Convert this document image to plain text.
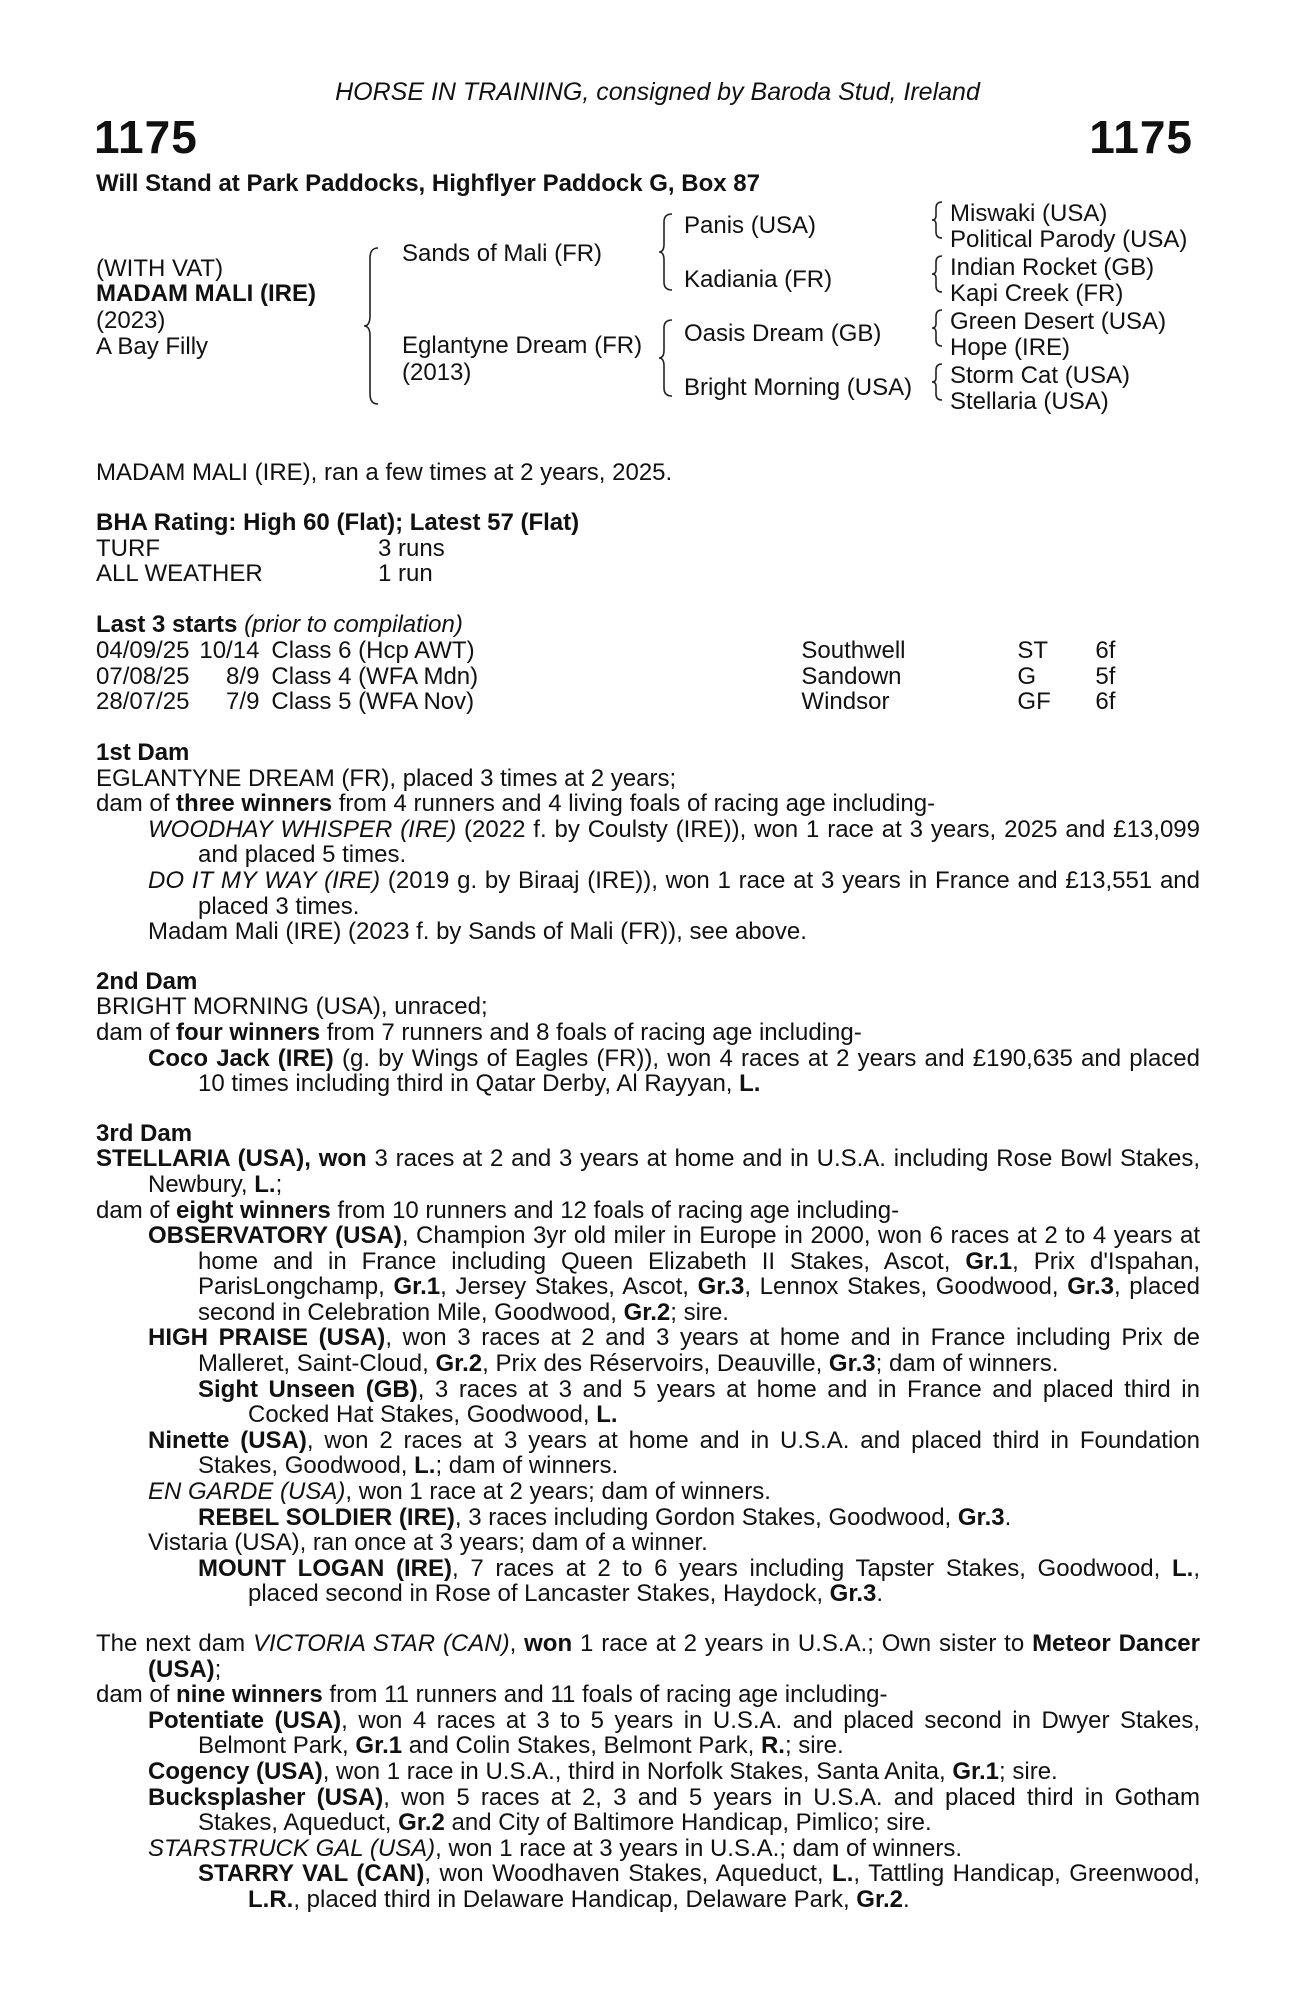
HORSE IN TRAINING, consigned by Baroda Stud, Ireland
1175	1175
Will Stand at Park Paddocks, Highflyer Paddock G, Box 87
(WITH VAT)
MADAM MALI (IRE)
(2023)
A Bay Filly
Sands of Mali (FR)
Eglantyne Dream (FR)
(2013)
Panis (USA)
Kadiania (FR)
Oasis Dream (GB)
Bright Morning (USA)
Miswaki (USA)
Political Parody (USA)
Indian Rocket (GB)
Kapi Creek (FR)
Green Desert (USA)
Hope (IRE)
Storm Cat (USA)
Stellaria (USA)
MADAM MALI (IRE), ran a few times at 2 years, 2025.
BHA Rating: High 60 (Flat); Latest 57 (Flat)
TURF	3 runs
ALL WEATHER	1 run
Last 3 starts (prior to compilation)
04/09/25	10/14	Class 6 (Hcp AWT)	Southwell	ST	6f
07/08/25	8/9	Class 4 (WFA Mdn)	Sandown	G	5f
28/07/25	7/9	Class 5 (WFA Nov)	Windsor	GF	6f
1st Dam
EGLANTYNE DREAM (FR), placed 3 times at 2 years;
dam of three winners from 4 runners and 4 living foals of racing age including-
WOODHAY WHISPER (IRE) (2022 f. by Coulsty (IRE)), won 1 race at 3 years, 2025 and £13,099 and placed 5 times.
DO IT MY WAY (IRE) (2019 g. by Biraaj (IRE)), won 1 race at 3 years in France and £13,551 and placed 3 times.
Madam Mali (IRE) (2023 f. by Sands of Mali (FR)), see above.
2nd Dam
BRIGHT MORNING (USA), unraced;
dam of four winners from 7 runners and 8 foals of racing age including-
Coco Jack (IRE) (g. by Wings of Eagles (FR)), won 4 races at 2 years and £190,635 and placed 10 times including third in Qatar Derby, Al Rayyan, L.
3rd Dam
STELLARIA (USA), won 3 races at 2 and 3 years at home and in U.S.A. including Rose Bowl Stakes, Newbury, L.;
dam of eight winners from 10 runners and 12 foals of racing age including-
OBSERVATORY (USA), Champion 3yr old miler in Europe in 2000, won 6 races at 2 to 4 years at home and in France including Queen Elizabeth II Stakes, Ascot, Gr.1, Prix d'Ispahan, ParisLongchamp, Gr.1, Jersey Stakes, Ascot, Gr.3, Lennox Stakes, Goodwood, Gr.3, placed second in Celebration Mile, Goodwood, Gr.2; sire.
HIGH PRAISE (USA), won 3 races at 2 and 3 years at home and in France including Prix de Malleret, Saint-Cloud, Gr.2, Prix des Réservoirs, Deauville, Gr.3; dam of winners.
Sight Unseen (GB), 3 races at 3 and 5 years at home and in France and placed third in Cocked Hat Stakes, Goodwood, L.
Ninette (USA), won 2 races at 3 years at home and in U.S.A. and placed third in Foundation Stakes, Goodwood, L.; dam of winners.
EN GARDE (USA), won 1 race at 2 years; dam of winners.
REBEL SOLDIER (IRE), 3 races including Gordon Stakes, Goodwood, Gr.3.
Vistaria (USA), ran once at 3 years; dam of a winner.
MOUNT LOGAN (IRE), 7 races at 2 to 6 years including Tapster Stakes, Goodwood, L., placed second in Rose of Lancaster Stakes, Haydock, Gr.3.
The next dam VICTORIA STAR (CAN), won 1 race at 2 years in U.S.A.; Own sister to Meteor Dancer (USA);
dam of nine winners from 11 runners and 11 foals of racing age including-
Potentiate (USA), won 4 races at 3 to 5 years in U.S.A. and placed second in Dwyer Stakes, Belmont Park, Gr.1 and Colin Stakes, Belmont Park, R.; sire.
Cogency (USA), won 1 race in U.S.A., third in Norfolk Stakes, Santa Anita, Gr.1; sire.
Bucksplasher (USA), won 5 races at 2, 3 and 5 years in U.S.A. and placed third in Gotham Stakes, Aqueduct, Gr.2 and City of Baltimore Handicap, Pimlico; sire.
STARSTRUCK GAL (USA), won 1 race at 3 years in U.S.A.; dam of winners.
STARRY VAL (CAN), won Woodhaven Stakes, Aqueduct, L., Tattling Handicap, Greenwood, L.R., placed third in Delaware Handicap, Delaware Park, Gr.2.
